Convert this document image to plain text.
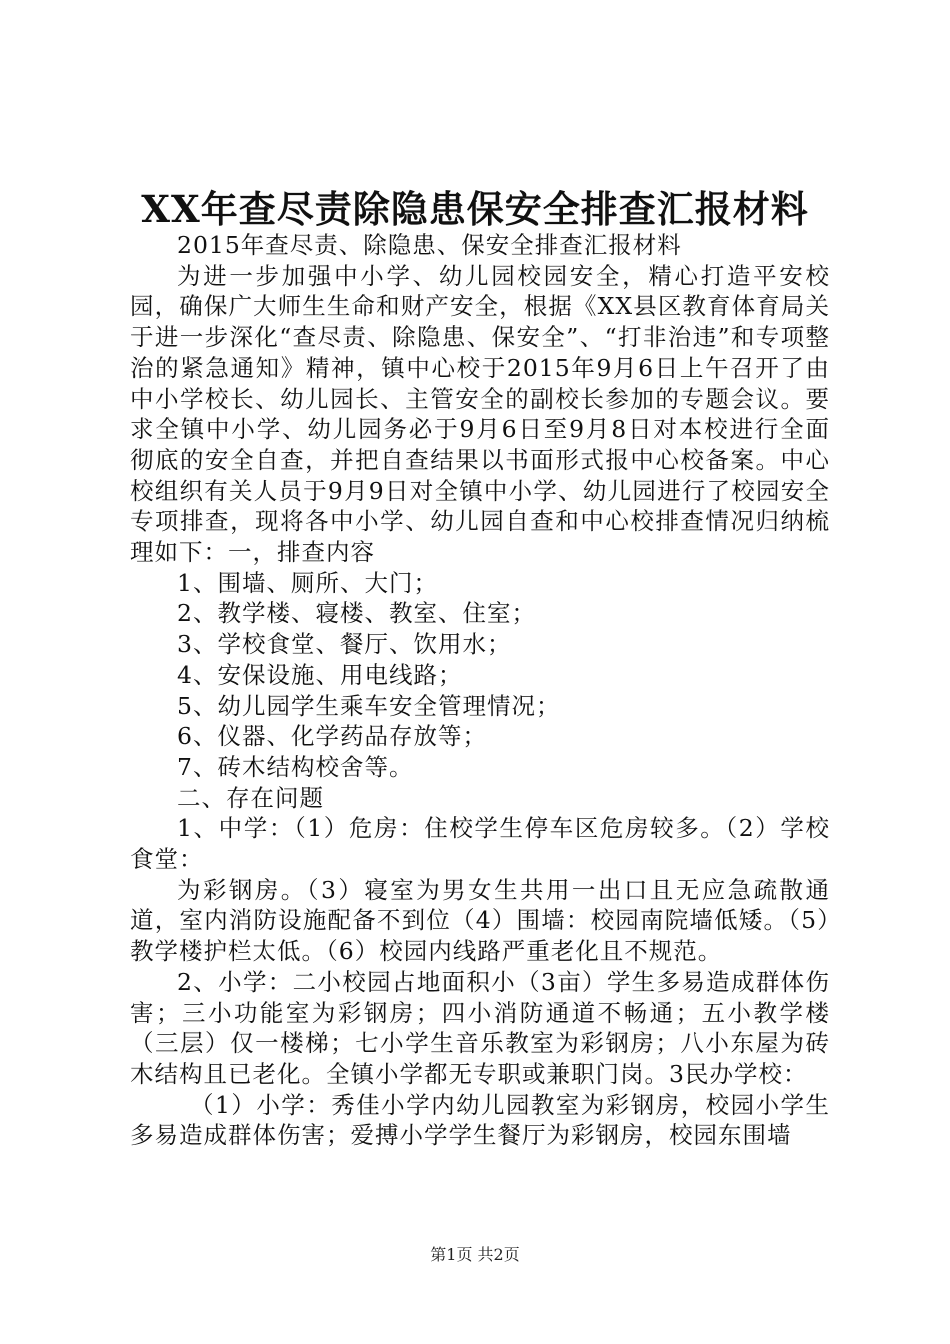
XX年查尽责除隐患保安全排查汇报材料

2015年查尽责、除隐患、保安全排查汇报材料

为进一步加强中小学、幼儿园校园安全，精心打造平安校园，确保广大师生生命和财产安全，根据《XX县区教育体育局关于进一步深化“查尽责、除隐患、保安全”、“打非治违”和专项整治的紧急通知》精神，镇中心校于2015年9月6日上午召开了由中小学校长、幼儿园长、主管安全的副校长参加的专题会议。要求全镇中小学、幼儿园务必于9月6日至9月8日对本校进行全面彻底的安全自查，并把自查结果以书面形式报中心校备案。中心校组织有关人员于9月9日对全镇中小学、幼儿园进行了校园安全专项排查，现将各中小学、幼儿园自查和中心校排查情况归纳梳理如下：一，排查内容

1、围墙、厕所、大门；

2、教学楼、寝楼、教室、住室；

3、学校食堂、餐厅、饮用水；

4、安保设施、用电线路；

5、幼儿园学生乘车安全管理情况；

6、仪器、化学药品存放等；

7、砖木结构校舍等。

二、存在问题

1、中学：（1）危房：住校学生停车区危房较多。（2）学校食堂：

为彩钢房。（3）寝室为男女生共用一出口且无应急疏散通道，室内消防设施配备不到位（4）围墙：校园南院墙低矮。（5）教学楼护栏太低。（6）校园内线路严重老化且不规范。

2、小学：二小校园占地面积小（3亩）学生多易造成群体伤害；三小功能室为彩钢房；四小消防通道不畅通；五小教学楼（三层）仅一楼梯；七小学生音乐教室为彩钢房；八小东屋为砖木结构且已老化。全镇小学都无专职或兼职门岗。3民办学校：

（1）小学：秀佳小学内幼儿园教室为彩钢房，校园小学生多易造成群体伤害；爱搏小学学生餐厅为彩钢房，校园东围墙

第1页 共2页
